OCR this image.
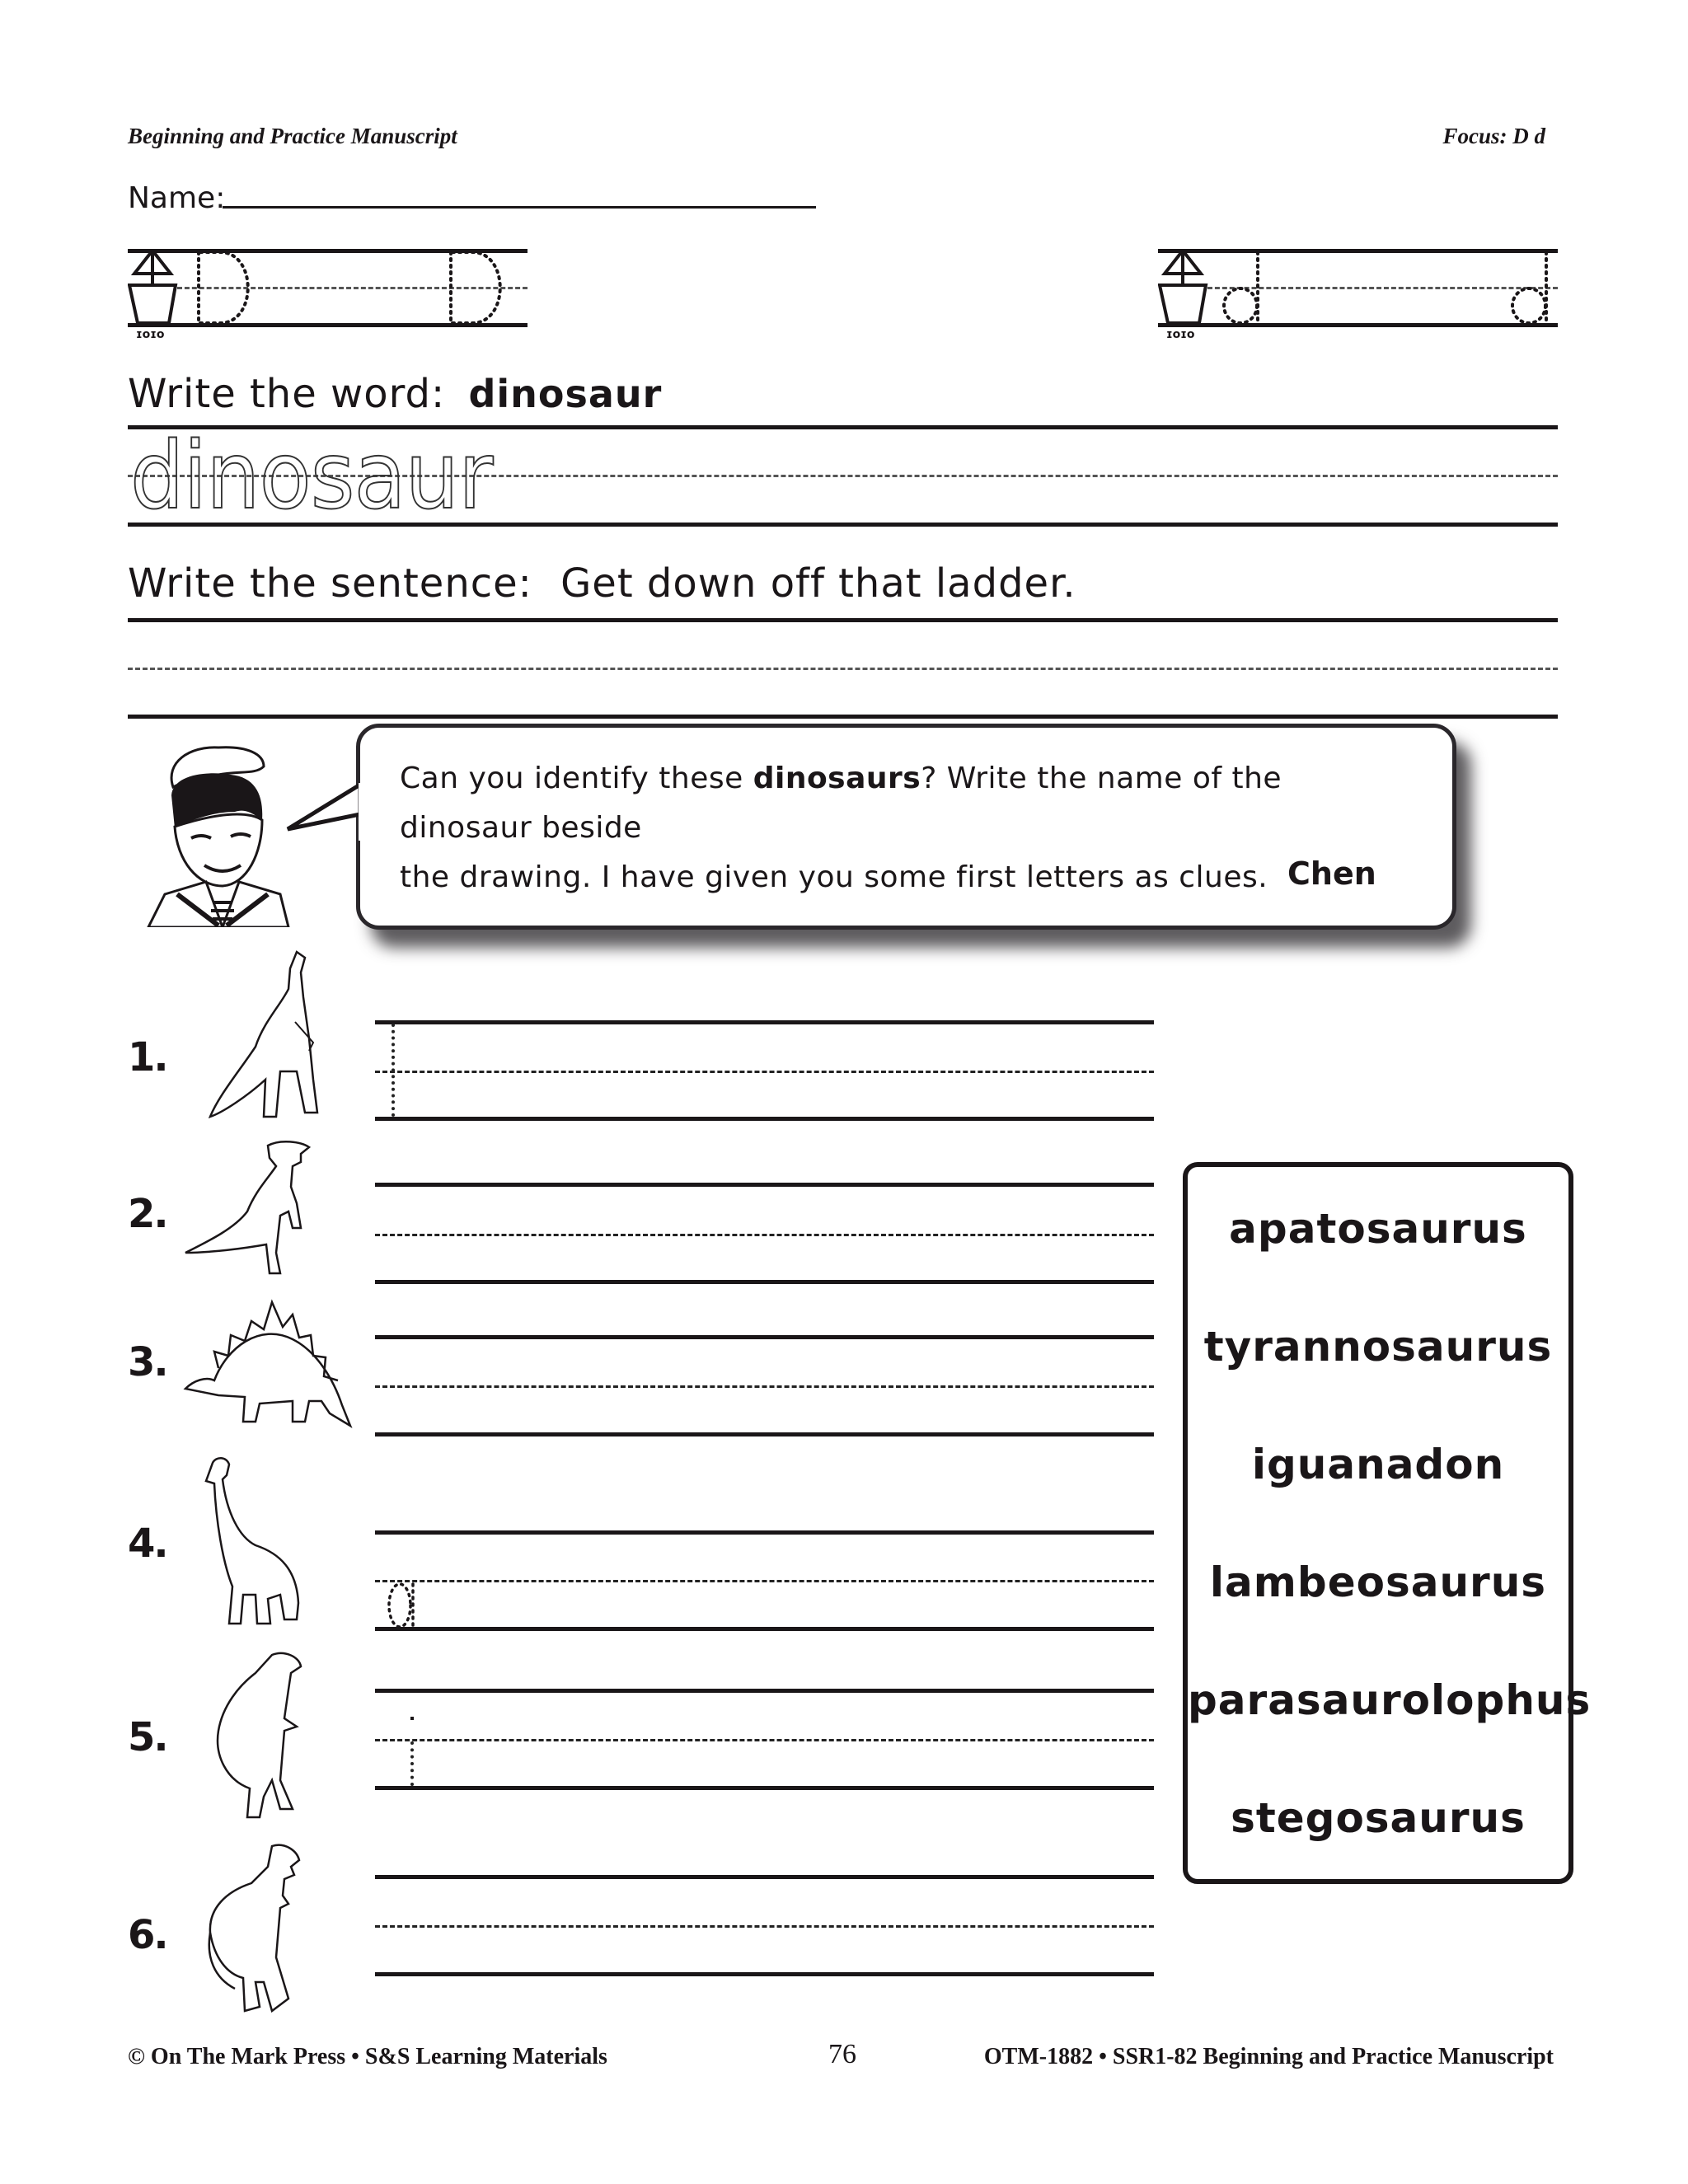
Beginning and Practice Manuscript	Focus: D d
Name:
ɪoɪo	ɪoɪo
Write the word: dinosaur
dinosaur
Write the sentence: Get down off that ladder.
Can you identify these dinosaurs? Write the name of the dinosaur beside
the drawing. I have given you some first letters as clues. Chen
1.
2.
3.
4.
5.
6.
apatosaurus
tyrannosaurus
iguanadon
lambeosaurus
parasaurolophus
stegosaurus
© On The Mark Press • S&S Learning Materials	76	OTM-1882 • SSR1-82 Beginning and Practice Manuscript
